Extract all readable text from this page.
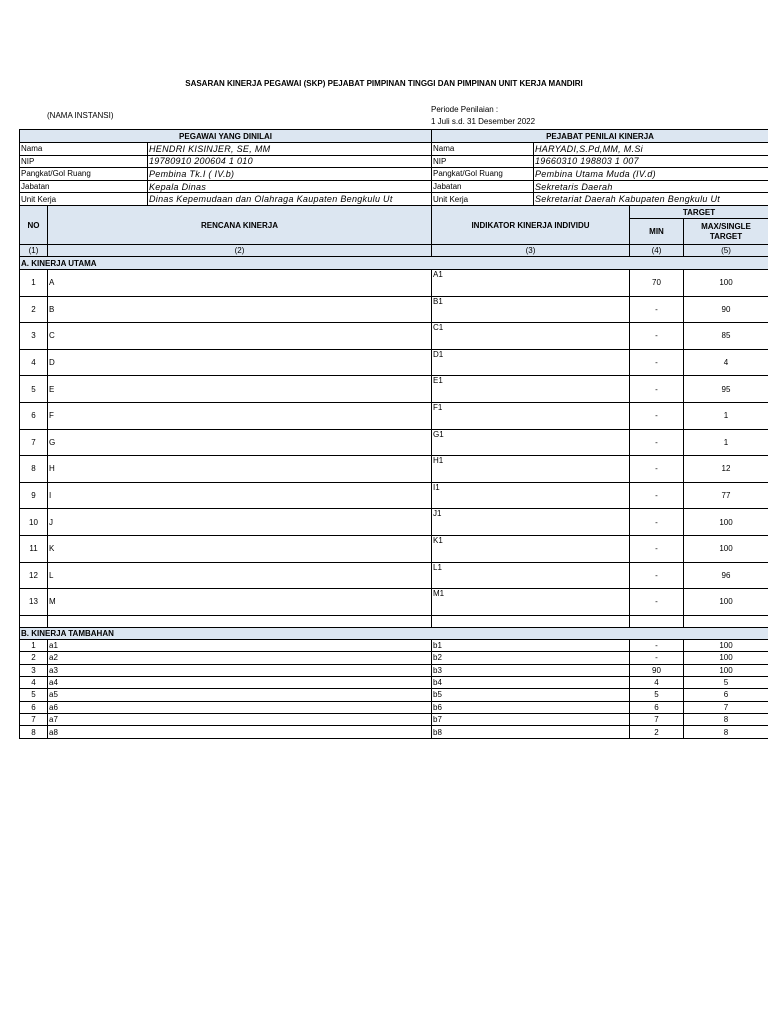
SASARAN KINERJA PEGAWAI (SKP) PEJABAT PIMPINAN TINGGI DAN PIMPINAN UNIT KERJA MANDIRI
(NAMA INSTANSI)
Periode Penilaian :
1 Juli s.d. 31 Desember 2022
PEGAWAI YANG DINILAI		PEJABAT PENILAI KINERJA	
Nama	HENDRI KISINJER, SE, MM	Nama	HARYADI,S.Pd,MM, M.Si
NIP	19780910 200604 1 010	NIP	19660310 198803 1 007
Pangkat/Gol Ruang	Pembina Tk.I ( IV.b)	Pangkat/Gol Ruang	Pembina Utama Muda (IV.d)
Jabatan	Kepala Dinas	Jabatan	Sekretaris Daerah
Unit Kerja	Dinas Kepemudaan dan Olahraga Kaupaten Bengkulu Ut	Unit Kerja	Sekretariat Daerah Kabupaten Bengkulu Ut
NO	RENCANA KINERJA	INDIKATOR KINERJA INDIVIDU	TARGET	
			MIN	MAX/SINGLE
TARGET

(1)	(2)	(3)	(4)	(5)
A. KINERJA UTAMA				
1	A	A1	70	100
2	B	B1	-	90
3	C	C1	-	85
4	D	D1	-	4
5	E	E1	-	95
6	F	F1	-	1
7	G	G1	-	1
8	H	H1	-	12
9	I	I1	-	77
10	J	J1	-	100
11	K	K1	-	100
12	L	L1	-	96
13	M	M1	-	100

B. KINERJA TAMBAHAN				
1	a1	b1	-	100
2	a2	b2	-	100
3	a3	b3	90	100
4	a4	b4	4	5
5	a5	b5	5	6
6	a6	b6	6	7
7	a7	b7	7	8
8	a8	b8	2	8
